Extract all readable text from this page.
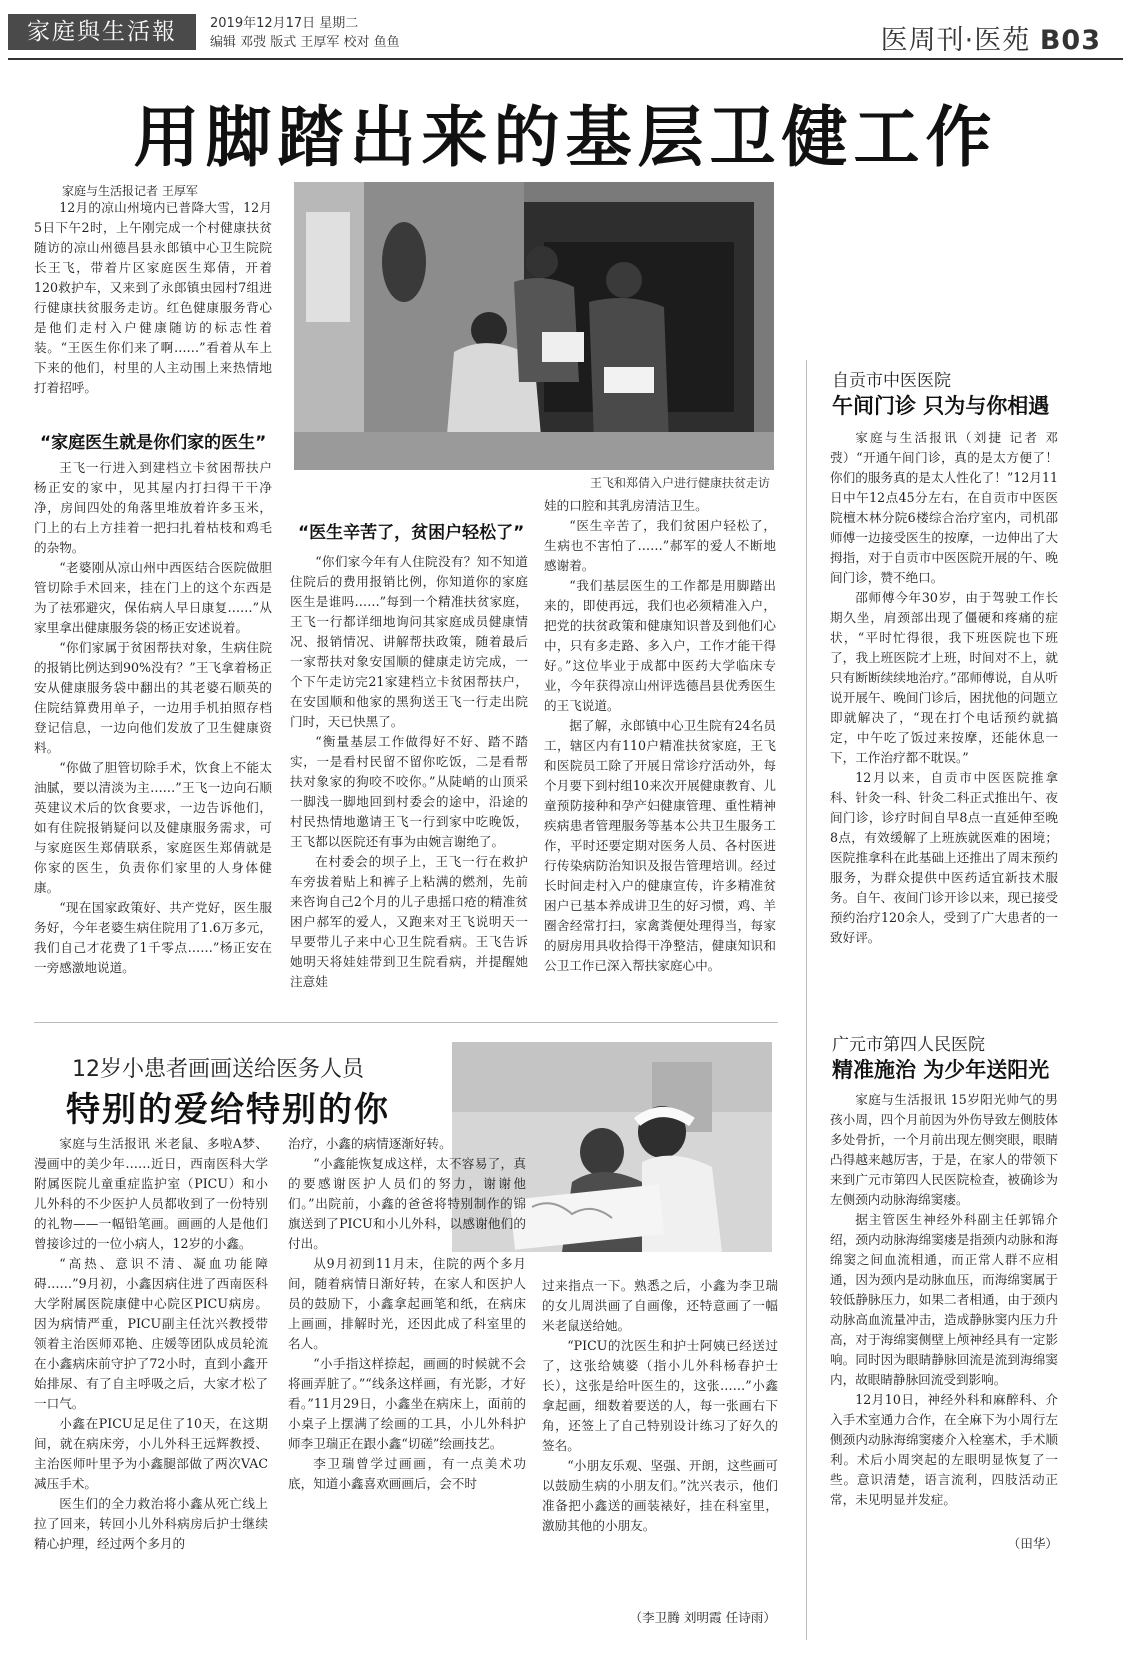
家庭與生活報	2019年12月17日 星期二
编辑 邓弢 版式 王厚军 校对 鱼鱼	医周刊·医苑 B03
用脚踏出来的基层卫健工作
家庭与生活报记者 王厚军

12月的凉山州境内已普降大雪，12月5日下午2时，上午刚完成一个村健康扶贫随访的凉山州德昌县永郎镇中心卫生院院长王飞，带着片区家庭医生郑倩，开着120救护车，又来到了永郎镇虫园村7组进行健康扶贫服务走访。红色健康服务背心是他们走村入户健康随访的标志性着装。“王医生你们来了啊……”看着从车上下来的他们，村里的人主动围上来热情地打着招呼。

“家庭医生就是你们家的医生”

王飞一行进入到建档立卡贫困帮扶户杨正安的家中，见其屋内打扫得干干净净，房间四处的角落里堆放着许多玉米，门上的右上方挂着一把扫扎着枯枝和鸡毛的杂物。

“老婆刚从凉山州中西医结合医院做胆管切除手术回来，挂在门上的这个东西是为了祛邪避灾，保佑病人早日康复……”从家里拿出健康服务袋的杨正安述说着。

“你们家属于贫困帮扶对象，生病住院的报销比例达到90%没有？”王飞拿着杨正安从健康服务袋中翻出的其老婆石顺英的住院结算费用单子，一边用手机拍照存档登记信息，一边向他们发放了卫生健康资料。

“你做了胆管切除手术，饮食上不能太油腻，要以清淡为主……”王飞一边向石顺英建议术后的饮食要求，一边告诉他们，如有住院报销疑问以及健康服务需求，可与家庭医生郑倩联系，家庭医生郑倩就是你家的医生，负责你们家里的人身体健康。

“现在国家政策好、共产党好，医生服务好，今年老婆生病住院用了1.6万多元，我们自己才花费了1千零点……”杨正安在一旁感激地说道。

王飞和郑倩入户进行健康扶贫走访
“医生辛苦了，贫困户轻松了”

“你们家今年有人住院没有？知不知道住院后的费用报销比例，你知道你的家庭医生是谁吗……”每到一个精准扶贫家庭，王飞一行都详细地询问其家庭成员健康情况、报销情况、讲解帮扶政策，随着最后一家帮扶对象安国顺的健康走访完成，一个下午走访完21家建档立卡贫困帮扶户，在安国顺和他家的黑狗送王飞一行走出院门时，天已快黑了。

“衡量基层工作做得好不好、踏不踏实，一是看村民留不留你吃饭，二是看帮扶对象家的狗咬不咬你。”从陡峭的山顶采一脚浅一脚地回到村委会的途中，沿途的村民热情地邀请王飞一行到家中吃晚饭，王飞都以医院还有事为由婉言谢绝了。

在村委会的坝子上，王飞一行在救护车旁拔着贴上和裤子上粘满的燃剂，先前来咨询自己2个月的儿子患摇口疮的精准贫困户郝军的爱人，又跑来对王飞说明天一早要带儿子来中心卫生院看病。王飞告诉她明天将娃娃带到卫生院看病，并提醒她注意娃

娃的口腔和其乳房清洁卫生。

“医生辛苦了，我们贫困户轻松了，生病也不害怕了……”郝军的爱人不断地感谢着。

“我们基层医生的工作都是用脚踏出来的，即使再远，我们也必须精准入户，把党的扶贫政策和健康知识普及到他们心中，只有多走路、多入户，工作才能干得好。”这位毕业于成都中医药大学临床专业，今年获得凉山州评选德昌县优秀医生的王飞说道。

据了解，永郎镇中心卫生院有24名员工，辖区内有110户精准扶贫家庭，王飞和医院员工除了开展日常诊疗活动外，每个月要下到村组10来次开展健康教育、儿童预防接种和孕产妇健康管理、重性精神疾病患者管理服务等基本公共卫生服务工作，平时还要定期对医务人员、各村医进行传染病防治知识及报告管理培训。经过长时间走村入户的健康宣传，许多精准贫困户已基本养成讲卫生的好习惯，鸡、羊圈舍经常打扫，家禽粪便处理得当，每家的厨房用具收拾得干净整洁，健康知识和公卫工作已深入帮扶家庭心中。

自贡市中医医院
午间门诊 只为与你相遇

家庭与生活报讯（刘捷 记者 邓弢）“开通午间门诊，真的是太方便了！你们的服务真的是太人性化了！”12月11日中午12点45分左右，在自贡市中医医院檀木林分院6楼综合治疗室内，司机邵师傅一边接受医生的按摩，一边伸出了大拇指，对于自贡市中医医院开展的午、晚间门诊，赞不绝口。

邵师傅今年30岁，由于驾驶工作长期久坐，肩颈部出现了僵硬和疼痛的症状，“平时忙得很，我下班医院也下班了，我上班医院才上班，时间对不上，就只有断断续续地治疗。”邵师傅说，自从听说开展午、晚间门诊后，困扰他的问题立即就解决了，“现在打个电话预约就搞定，中午吃了饭过来按摩，还能休息一下，工作治疗都不耽误。”

12月以来，自贡市中医医院推拿科、针灸一科、针灸二科正式推出午、夜间门诊，诊疗时间自早8点一直延伸至晚8点，有效缓解了上班族就医难的困境；医院推拿科在此基础上还推出了周末预约服务，为群众提供中医药适宜新技术服务。自午、夜间门诊开诊以来，现已接受预约治疗120余人，受到了广大患者的一致好评。

广元市第四人民医院
精准施治 为少年送阳光

家庭与生活报讯 15岁阳光帅气的男孩小周，四个月前因为外伤导致左侧肢体多处骨折，一个月前出现左侧突眼，眼睛凸得越来越厉害，于是，在家人的带领下来到广元市第四人民医院检查，被确诊为左侧颈内动脉海绵窦瘘。

据主管医生神经外科副主任郭锦介绍，颈内动脉海绵窦瘘是指颈内动脉和海绵窦之间血流相通，而正常人群不应相通，因为颈内是动脉血压，而海绵窦属于较低静脉压力，如果二者相通，由于颈内动脉高血流量冲击，造成静脉窦内压力升高，对于海绵窦侧壁上颅神经具有一定影响。同时因为眼睛静脉回流是流到海绵窦内，故眼睛静脉回流受到影响。

12月10日，神经外科和麻醉科、介入手术室通力合作，在全麻下为小周行左侧颈内动脉海绵窦瘘介入栓塞术，手术顺利。术后小周突起的左眼明显恢复了一些。意识清楚，语言流利，四肢活动正常，未见明显并发症。

（田华）
12岁小患者画画送给医务人员
特别的爱给特别的你

家庭与生活报讯 米老鼠、多啦A梦、漫画中的美少年……近日，西南医科大学附属医院儿童重症监护室（PICU）和小儿外科的不少医护人员都收到了一份特别的礼物——一幅铅笔画。画画的人是他们曾接诊过的一位小病人，12岁的小鑫。

“高热、意识不清、凝血功能障碍……”9月初，小鑫因病住进了西南医科大学附属医院康健中心院区PICU病房。因为病情严重，PICU副主任沈兴教授带领着主治医师邓艳、庄媛等团队成员轮流在小鑫病床前守护了72小时，直到小鑫开始排尿、有了自主呼吸之后，大家才松了一口气。

小鑫在PICU足足住了10天，在这期间，就在病床旁，小儿外科王远辉教授、主治医师叶里予为小鑫腿部做了两次VAC减压手术。

医生们的全力救治将小鑫从死亡线上拉了回来，转回小儿外科病房后护士继续精心护理，经过两个多月的

治疗，小鑫的病情逐渐好转。

“小鑫能恢复成这样，太不容易了，真的要感谢医护人员们的努力，谢谢他们。”出院前，小鑫的爸爸将特别制作的锦旗送到了PICU和小儿外科，以感谢他们的付出。

从9月初到11月末，住院的两个多月间，随着病情日渐好转，在家人和医护人员的鼓励下，小鑫拿起画笔和纸，在病床上画画，排解时光，还因此成了科室里的名人。

“小手指这样捺起，画画的时候就不会将画弄脏了。”“线条这样画，有光影，才好看。”11月29日，小鑫坐在病床上，面前的小桌子上摆满了绘画的工具，小儿外科护师李卫瑞正在跟小鑫“切磋”绘画技艺。

李卫瑞曾学过画画，有一点美术功底，知道小鑫喜欢画画后，会不时

过来指点一下。熟悉之后，小鑫为李卫瑞的女儿周洪画了自画像，还特意画了一幅米老鼠送给她。

“PICU的沈医生和护士阿姨已经送过了，这张给姨婆（指小儿外科杨春护士长），这张是给叶医生的，这张……”小鑫拿起画，细数着要送的人，每一张画右下角，还签上了自己特别设计练习了好久的签名。

“小朋友乐观、坚强、开朗，这些画可以鼓励生病的小朋友们。”沈兴表示，他们准备把小鑫送的画装裱好，挂在科室里，激励其他的小朋友。

（李卫腾 刘明霞 任诗雨）
